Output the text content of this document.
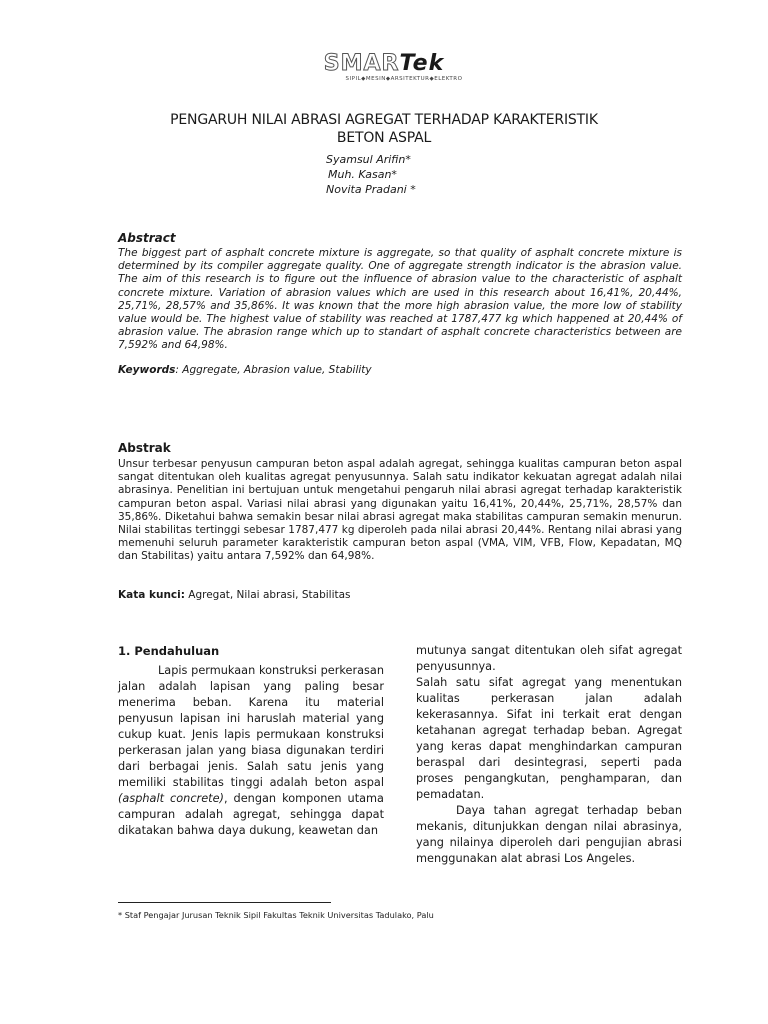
SMARTek
SIPIL◆MESIN◆ARSITEKTUR◆ELEKTRO
PENGARUH NILAI ABRASI AGREGAT TERHADAP KARAKTERISTIK
BETON ASPAL
Syamsul Arifin*
Muh. Kasan*
Novita Pradani *
Abstract
The biggest part of asphalt concrete mixture is aggregate, so that quality of asphalt concrete mixture is determined by its compiler aggregate quality. One of aggregate strength indicator is the abrasion value. The aim of this research is to figure out the influence of abrasion value to the characteristic of asphalt concrete mixture. Variation of abrasion values which are used in this research about 16,41%, 20,44%, 25,71%, 28,57% and 35,86%. It was known that the more high abrasion value, the more low of stability value would be. The highest value of stability was reached at 1787,477 kg which happened at 20,44% of abrasion value. The abrasion range which up to standart of asphalt concrete characteristics between are 7,592% and 64,98%.
Keywords: Aggregate, Abrasion value, Stability
Abstrak
Unsur terbesar penyusun campuran beton aspal adalah agregat, sehingga kualitas campuran beton aspal sangat ditentukan oleh kualitas agregat penyusunnya. Salah satu indikator kekuatan agregat adalah nilai abrasinya. Penelitian ini bertujuan untuk mengetahui pengaruh nilai abrasi agregat terhadap karakteristik campuran beton aspal. Variasi nilai abrasi yang digunakan yaitu 16,41%, 20,44%, 25,71%, 28,57% dan 35,86%. Diketahui bahwa semakin besar nilai abrasi agregat maka stabilitas campuran semakin menurun. Nilai stabilitas tertinggi sebesar 1787,477 kg diperoleh pada nilai abrasi 20,44%. Rentang nilai abrasi yang memenuhi seluruh parameter karakteristik campuran beton aspal (VMA, VIM, VFB, Flow, Kepadatan, MQ dan Stabilitas) yaitu antara 7,592% dan 64,98%.
Kata kunci: Agregat, Nilai abrasi, Stabilitas
1. Pendahuluan

Lapis permukaan konstruksi perkerasan jalan adalah lapisan yang paling besar menerima beban. Karena itu material penyusun lapisan ini haruslah material yang cukup kuat. Jenis lapis permukaan konstruksi perkerasan jalan yang biasa digunakan terdiri dari berbagai jenis. Salah satu jenis yang memiliki stabilitas tinggi adalah beton aspal (asphalt concrete), dengan komponen utama campuran adalah agregat, sehingga dapat dikatakan bahwa daya dukung, keawetan dan

mutunya sangat ditentukan oleh sifat agregat penyusunnya.

Salah satu sifat agregat yang menentukan kualitas perkerasan jalan adalah kekerasannya. Sifat ini terkait erat dengan ketahanan agregat terhadap beban. Agregat yang keras dapat menghindarkan campuran beraspal dari desintegrasi, seperti pada proses pengangkutan, penghamparan, dan pemadatan.

Daya tahan agregat terhadap beban mekanis, ditunjukkan dengan nilai abrasinya, yang nilainya diperoleh dari pengujian abrasi menggunakan alat abrasi Los Angeles.

* Staf Pengajar Jurusan Teknik Sipil Fakultas Teknik Universitas Tadulako, Palu
